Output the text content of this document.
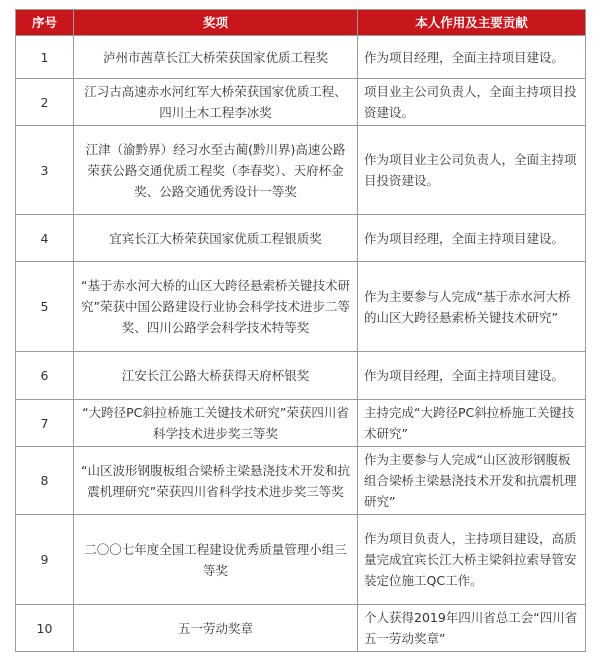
序号	奖项	本人作用及主要贡献
1	泸州市茜草长江大桥荣获国家优质工程奖	作为项目经理，全面主持项目建设。
2	江习古高速赤水河红军大桥荣获国家优质工程、四川土木工程李冰奖	项目业主公司负责人，全面主持项目投资建设。
3	江津（渝黔界）经习水至古蔺(黔川界)高速公路荣获公路交通优质工程奖（李春奖）、天府杯金奖、公路交通优秀设计一等奖	作为项目业主公司负责人，全面主持项目投资建设。
4	宜宾长江大桥荣获国家优质工程银质奖	作为项目经理，全面主持项目建设。
5	“基于赤水河大桥的山区大跨径悬索桥关键技术研究”荣获中国公路建设行业协会科学技术进步二等奖、四川公路学会科学技术特等奖	作为主要参与人完成“基于赤水河大桥的山区大跨径悬索桥关键技术研究”
6	江安长江公路大桥获得天府杯银奖	作为项目经理，全面主持项目建设。
7	“大跨径PC斜拉桥施工关键技术研究”荣获四川省科学技术进步奖三等奖	主持完成“大跨径PC斜拉桥施工关键技术研究”
8	“山区波形钢腹板组合梁桥主梁悬浇技术开发和抗震机理研究”荣获四川省科学技术进步奖三等奖	作为主要参与人完成“山区波形钢腹板组合梁桥主梁悬浇技术开发和抗震机理研究”
9	二〇〇七年度全国工程建设优秀质量管理小组三等奖	作为项目负责人，主持项目建设，高质量完成宜宾长江大桥主梁斜拉索导管安装定位施工QC工作。
10	五一劳动奖章	个人获得2019年四川省总工会“四川省五一劳动奖章”
